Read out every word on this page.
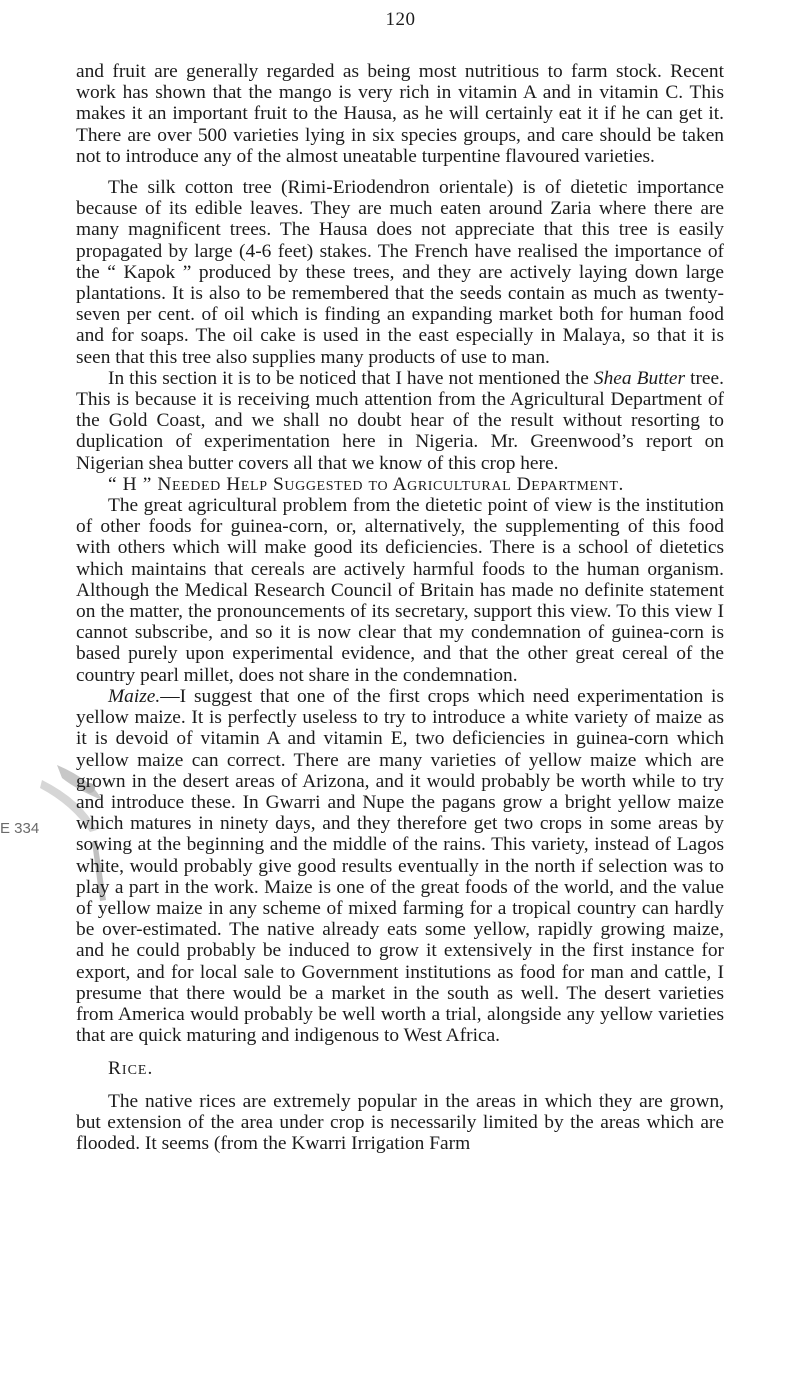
120
E 334

and fruit are generally regarded as being most nutritious to farm stock. Recent work has shown that the mango is very rich in vitamin A and in vitamin C. This makes it an important fruit to the Hausa, as he will certainly eat it if he can get it. There are over 500 varieties lying in six species groups, and care should be taken not to introduce any of the almost uneatable turpentine flavoured varieties.

The silk cotton tree (Rimi-Eriodendron orientale) is of dietetic importance because of its edible leaves. They are much eaten around Zaria where there are many magnificent trees. The Hausa does not appreciate that this tree is easily propagated by large (4-6 feet) stakes. The French have realised the importance of the “ Kapok ” produced by these trees, and they are actively laying down large plantations. It is also to be remembered that the seeds contain as much as twenty-seven per cent. of oil which is finding an expanding market both for human food and for soaps. The oil cake is used in the east especially in Malaya, so that it is seen that this tree also supplies many products of use to man.

In this section it is to be noticed that I have not mentioned the Shea Butter tree. This is because it is receiving much attention from the Agricultural Department of the Gold Coast, and we shall no doubt hear of the result without resorting to duplication of experimentation here in Nigeria. Mr. Greenwood’s report on Nigerian shea butter covers all that we know of this crop here.

“ H ” Needed Help Suggested to Agricultural Department.

The great agricultural problem from the dietetic point of view is the institution of other foods for guinea-corn, or, alternatively, the supplementing of this food with others which will make good its deficiencies. There is a school of dietetics which maintains that cereals are actively harmful foods to the human organism. Although the Medical Research Council of Britain has made no definite statement on the matter, the pronouncements of its secretary, support this view. To this view I cannot subscribe, and so it is now clear that my condemnation of guinea-corn is based purely upon experimental evidence, and that the other great cereal of the country pearl millet, does not share in the condemnation.

Maize.—I suggest that one of the first crops which need experimentation is yellow maize. It is perfectly useless to try to introduce a white variety of maize as it is devoid of vitamin A and vitamin E, two deficiencies in guinea-corn which yellow maize can correct. There are many varieties of yellow maize which are grown in the desert areas of Arizona, and it would probably be worth while to try and introduce these. In Gwarri and Nupe the pagans grow a bright yellow maize which matures in ninety days, and they therefore get two crops in some areas by sowing at the beginning and the middle of the rains. This variety, instead of Lagos white, would probably give good results eventually in the north if selection was to play a part in the work. Maize is one of the great foods of the world, and the value of yellow maize in any scheme of mixed farming for a tropical country can hardly be over-estimated. The native already eats some yellow, rapidly growing maize, and he could probably be induced to grow it extensively in the first instance for export, and for local sale to Government institutions as food for man and cattle, I presume that there would be a market in the south as well. The desert varieties from America would probably be well worth a trial, alongside any yellow varieties that are quick maturing and indigenous to West Africa.

Rice.

The native rices are extremely popular in the areas in which they are grown, but extension of the area under crop is necessarily limited by the areas which are flooded. It seems (from the Kwarri Irrigation Farm
